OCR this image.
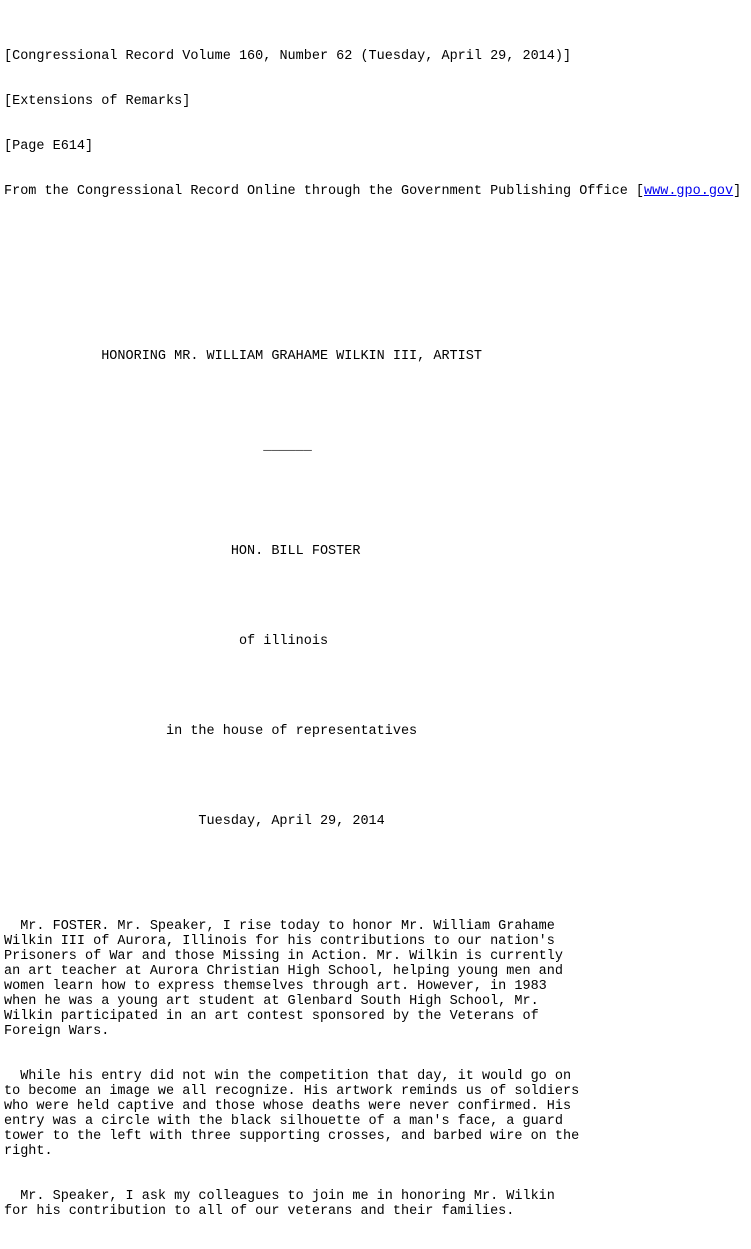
[Congressional Record Volume 160, Number 62 (Tuesday, April 29, 2014)]

[Extensions of Remarks]

[Page E614]

From the Congressional Record Online through the Government Publishing Office [www.gpo.gov]

HONORING MR. WILLIAM GRAHAME WILKIN III, ARTIST

______

HON. BILL FOSTER

of illinois

in the house of representatives

Tuesday, April 29, 2014

Mr. FOSTER. Mr. Speaker, I rise today to honor Mr. William Grahame
Wilkin III of Aurora, Illinois for his contributions to our nation's
Prisoners of War and those Missing in Action. Mr. Wilkin is currently
an art teacher at Aurora Christian High School, helping young men and
women learn how to express themselves through art. However, in 1983
when he was a young art student at Glenbard South High School, Mr.
Wilkin participated in an art contest sponsored by the Veterans of
Foreign Wars.

While his entry did not win the competition that day, it would go on
to become an image we all recognize. His artwork reminds us of soldiers
who were held captive and those whose deaths were never confirmed. His
entry was a circle with the black silhouette of a man's face, a guard
tower to the left with three supporting crosses, and barbed wire on the
right.

Mr. Speaker, I ask my colleagues to join me in honoring Mr. Wilkin
for his contribution to all of our veterans and their families.
